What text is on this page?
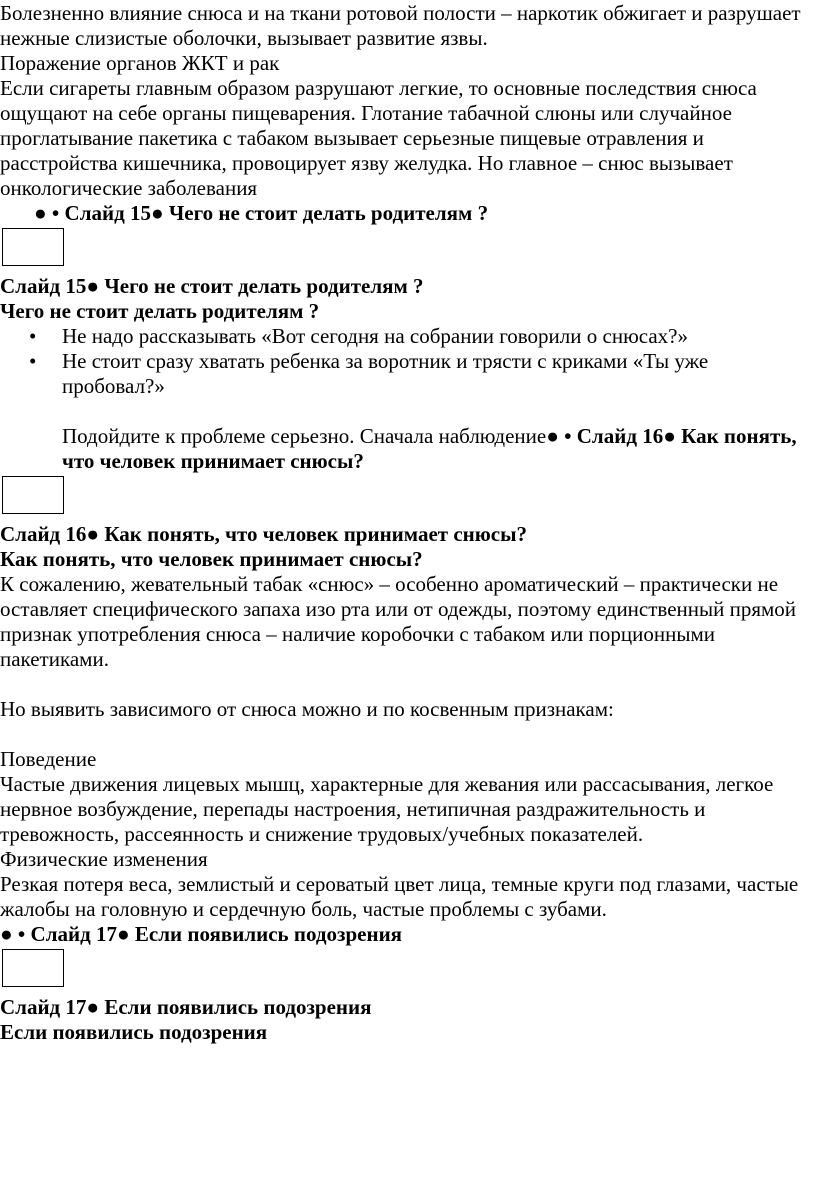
Болезненно влияние снюса и на ткани ротовой полости – наркотик обжигает и разрушает нежные слизистые оболочки, вызывает развитие язвы.

Поражение органов ЖКТ и рак

Если сигареты главным образом разрушают легкие, то основные последствия снюса ощущают на себе органы пищеварения. Глотание табачной слюны или случайное проглатывание пакетика с табаком вызывает серьезные пищевые отравления и расстройства кишечника, провоцирует язву желудка. Но главное – снюс вызывает онкологические заболевания

● • Слайд 15● Чего не стоит делать родителям ?

Слайд 15● Чего не стоит делать родителям ?

Чего не стоит делать родителям ?

• Не надо рассказывать «Вот сегодня на собрании говорили о снюсах?»
• Не стоит сразу хватать ребенка за воротник и трясти с криками «Ты уже пробовал?»

Подойдите к проблеме серьезно. Сначала наблюдение● • Слайд 16● Как понять, что человек принимает снюсы?

Слайд 16● Как понять, что человек принимает снюсы?

Как понять, что человек принимает снюсы?

К сожалению, жевательный табак «снюс» – особенно ароматический – практически не оставляет специфического запаха изо рта или от одежды, поэтому единственный прямой признак употребления снюса – наличие коробочки с табаком или порционными пакетиками.

Но выявить зависимого от снюса можно и по косвенным признакам:

Поведение

Частые движения лицевых мышц, характерные для жевания или рассасывания, легкое нервное возбуждение, перепады настроения, нетипичная раздражительность и тревожность, рассеянность и снижение трудовых/учебных показателей.

Физические изменения

Резкая потеря веса, землистый и сероватый цвет лица, темные круги под глазами, частые жалобы на головную и сердечную боль, частые проблемы с зубами.

● • Слайд 17● Если появились подозрения

Слайд 17● Если появились подозрения

Если появились подозрения
